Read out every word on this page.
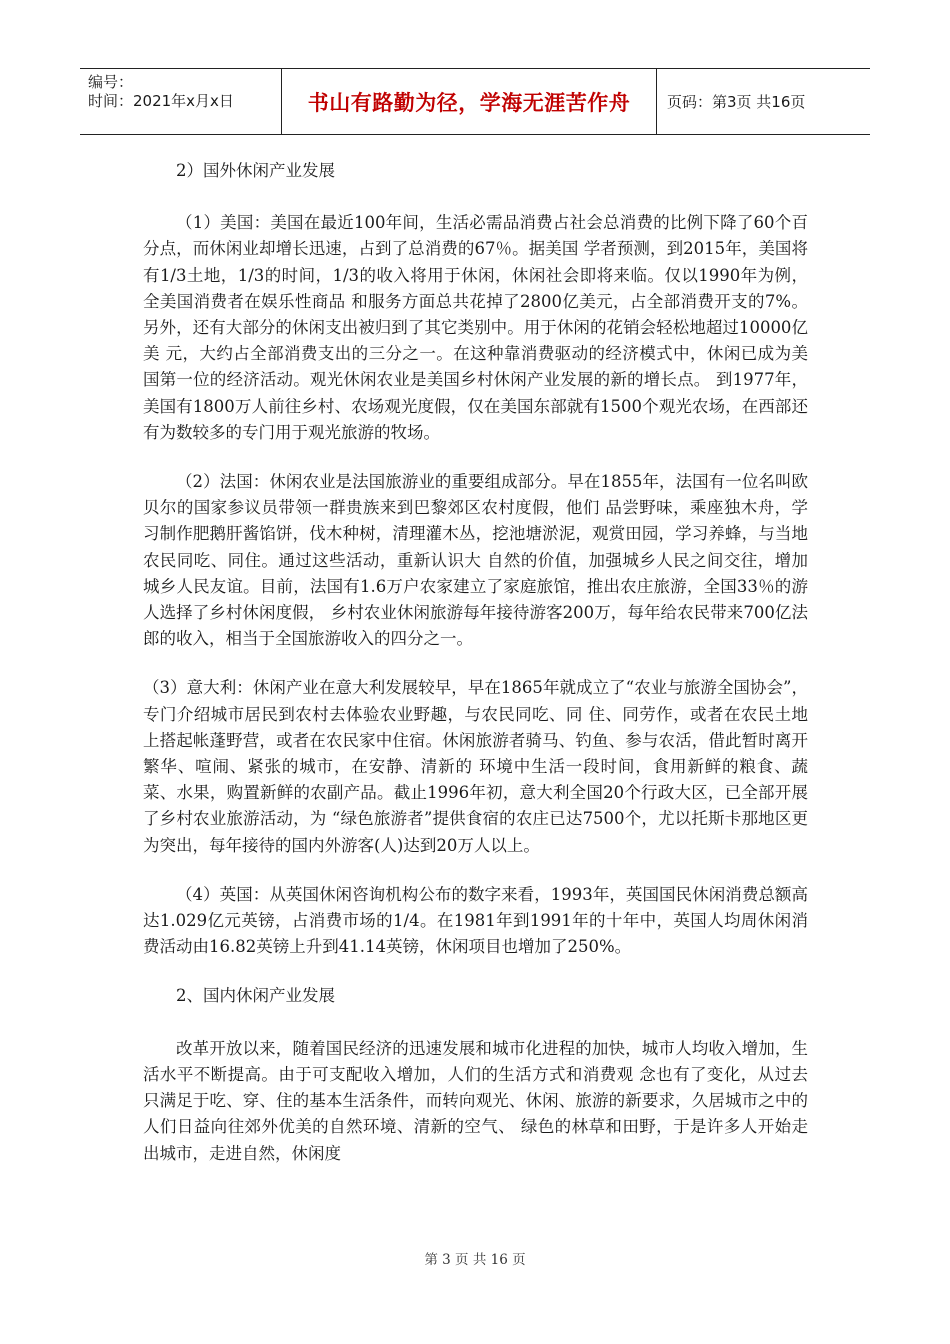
编号：
时间：2021年x月x日	书山有路勤为径，学海无涯苦作舟	页码：第3页 共16页

2）国外休闲产业发展

（1）美国：美国在最近100年间，生活必需品消费占社会总消费的比例下降了60个百分点，而休闲业却增长迅速，占到了总消费的67％。据美国 学者预测，到2015年，美国将有1/3土地，1/3的时间，1/3的收入将用于休闲，休闲社会即将来临。仅以1990年为例，全美国消费者在娱乐性商品 和服务方面总共花掉了2800亿美元，占全部消费开支的7%。另外，还有大部分的休闲支出被归到了其它类别中。用于休闲的花销会轻松地超过10000亿美 元，大约占全部消费支出的三分之一。在这种靠消费驱动的经济模式中，休闲已成为美国第一位的经济活动。观光休闲农业是美国乡村休闲产业发展的新的增长点。 到1977年，美国有1800万人前往乡村、农场观光度假，仅在美国东部就有1500个观光农场，在西部还有为数较多的专门用于观光旅游的牧场。

（2）法国：休闲农业是法国旅游业的重要组成部分。早在1855年，法国有一位名叫欧贝尔的国家参议员带领一群贵族来到巴黎郊区农村度假，他们 品尝野味，乘座独木舟，学习制作肥鹅肝酱馅饼，伐木种树，清理灌木丛，挖池塘淤泥，观赏田园，学习养蜂，与当地农民同吃、同住。通过这些活动，重新认识大 自然的价值，加强城乡人民之间交往，增加城乡人民友谊。目前，法国有1.6万户农家建立了家庭旅馆，推出农庄旅游，全国33％的游人选择了乡村休闲度假， 乡村农业休闲旅游每年接待游客200万，每年给农民带来700亿法郎的收入，相当于全国旅游收入的四分之一。

（3）意大利：休闲产业在意大利发展较早，早在1865年就成立了“农业与旅游全国协会”，专门介绍城市居民到农村去体验农业野趣，与农民同吃、同 住、同劳作，或者在农民土地上搭起帐蓬野营，或者在农民家中住宿。休闲旅游者骑马、钓鱼、参与农活，借此暂时离开繁华、喧闹、紧张的城市，在安静、清新的 环境中生活一段时间，食用新鲜的粮食、蔬菜、水果，购置新鲜的农副产品。截止1996年初，意大利全国20个行政大区，已全部开展了乡村农业旅游活动，为 “绿色旅游者”提供食宿的农庄已达7500个，尤以托斯卡那地区更为突出，每年接待的国内外游客(人)达到20万人以上。

（4）英国：从英国休闲咨询机构公布的数字来看，1993年，英国国民休闲消费总额高达1.029亿元英镑，占消费市场的1/4。在1981年到1991年的十年中，英国人均周休闲消费活动由16.82英镑上升到41.14英镑，休闲项目也增加了250%。

2、国内休闲产业发展

改革开放以来，随着国民经济的迅速发展和城市化进程的加快，城市人均收入增加，生活水平不断提高。由于可支配收入增加，人们的生活方式和消费观 念也有了变化，从过去只满足于吃、穿、住的基本生活条件，而转向观光、休闲、旅游的新要求，久居城市之中的人们日益向往郊外优美的自然环境、清新的空气、 绿色的林草和田野，于是许多人开始走出城市，走进自然，休闲度

第 3 页 共 16 页
